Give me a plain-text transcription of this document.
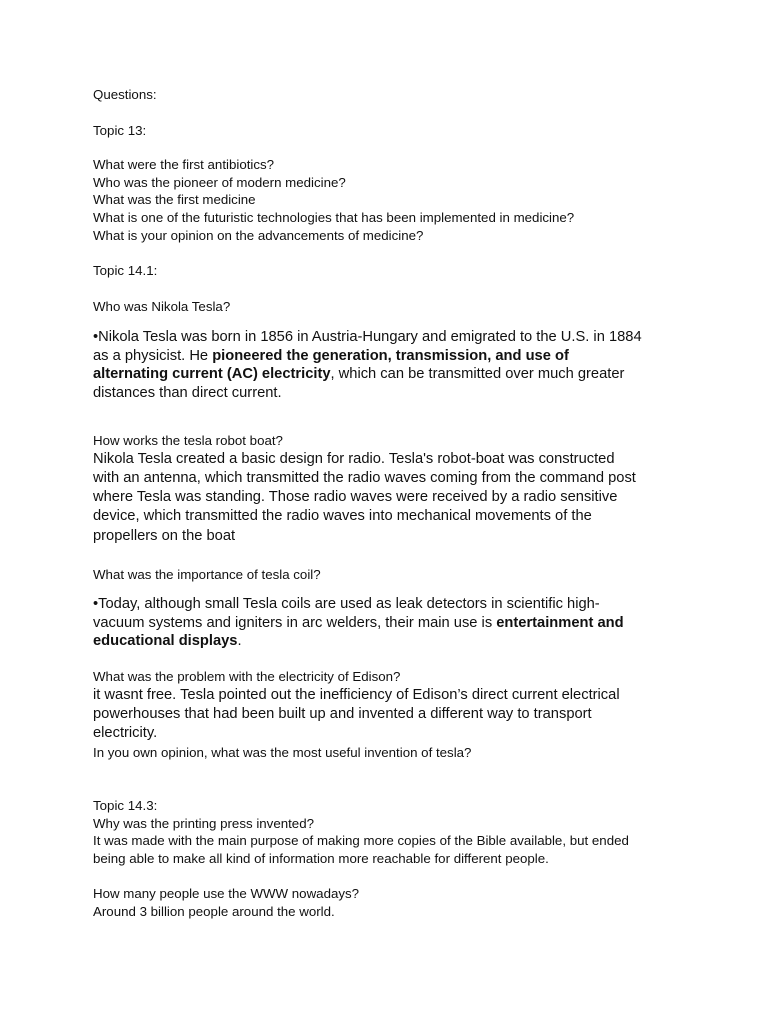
Questions:
Topic 13:
What were the first antibiotics?
Who was the pioneer of modern medicine?
What was the first medicine
What is one of the futuristic technologies that has been implemented in medicine?
What is your opinion on the advancements of medicine?
Topic 14.1:
Who was Nikola Tesla?
•Nikola Tesla was born in 1856 in Austria-Hungary and emigrated to the U.S. in 1884
as a physicist. He pioneered the generation, transmission, and use of
alternating current (AC) electricity, which can be transmitted over much greater
distances than direct current.
How works the tesla robot boat?
Nikola Tesla created a basic design for radio. Tesla's robot-boat was constructed
with an antenna, which transmitted the radio waves coming from the command post
where Tesla was standing. Those radio waves were received by a radio sensitive
device, which transmitted the radio waves into mechanical movements of the
propellers on the boat
What was the importance of tesla coil?
•Today, although small Tesla coils are used as leak detectors in scientific high-
vacuum systems and igniters in arc welders, their main use is entertainment and
educational displays.
What was the problem with the electricity of Edison?
it wasnt free. Tesla pointed out the inefficiency of Edison’s direct current electrical
powerhouses that had been built up and invented a different way to transport
electricity.
In you own opinion, what was the most useful invention of tesla?
Topic 14.3:
Why was the printing press invented?
It was made with the main purpose of making more copies of the Bible available, but ended
being able to make all kind of information more reachable for different people.
How many people use the WWW nowadays?
Around 3 billion people around the world.
